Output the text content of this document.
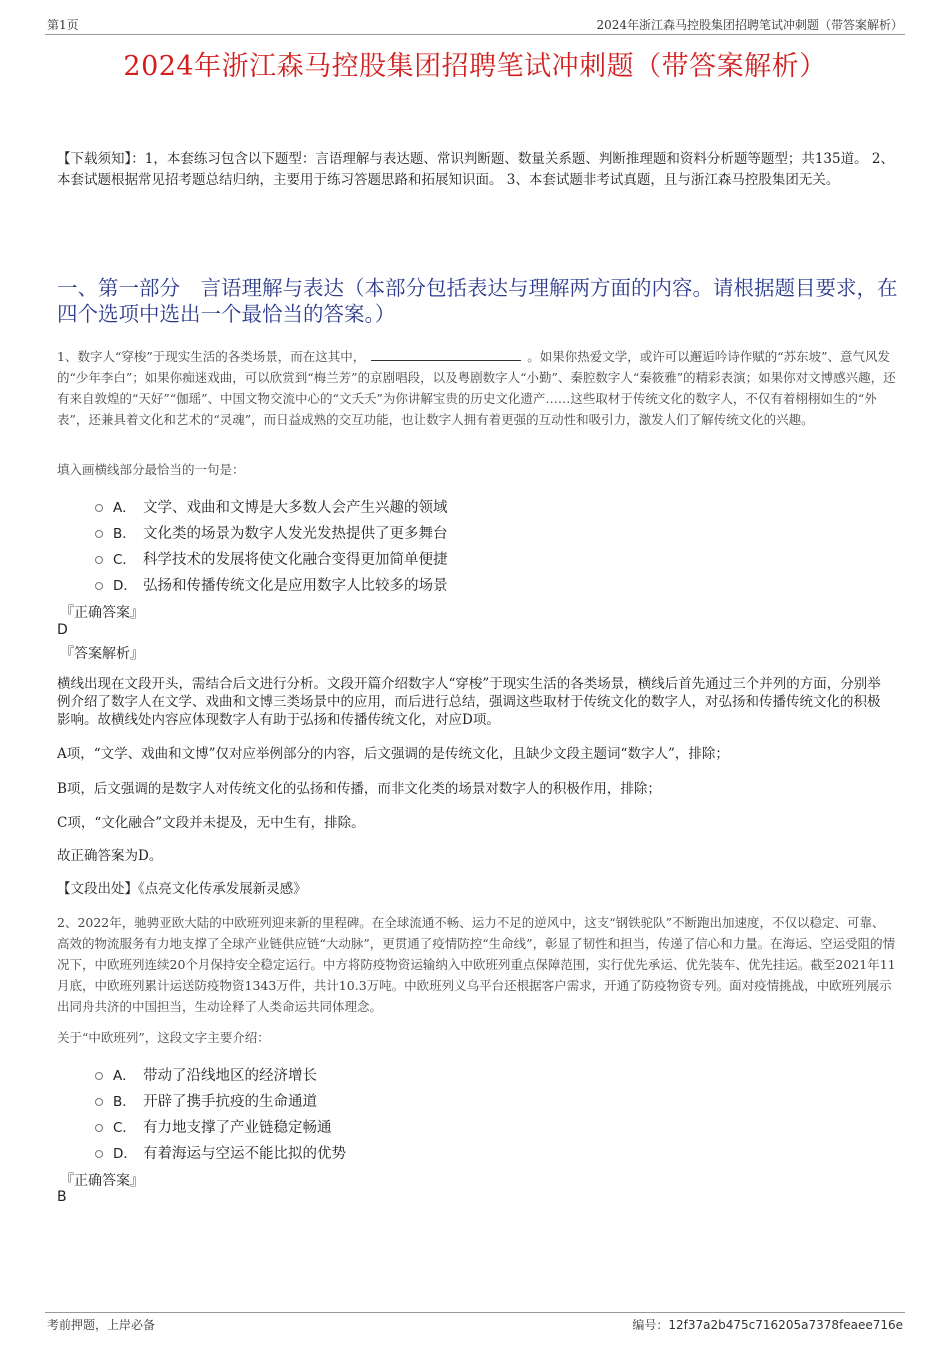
第1页	2024年浙江森马控股集团招聘笔试冲刺题（带答案解析）
2024年浙江森马控股集团招聘笔试冲刺题（带答案解析）
【下载须知】：1，本套练习包含以下题型：言语理解与表达题、常识判断题、数量关系题、判断推理题和资料分析题等题型；共135道。 2、本套试题根据常见招考题总结归纳，主要用于练习答题思路和拓展知识面。 3、本套试题非考试真题，且与浙江森马控股集团无关。
一、第一部分　言语理解与表达（本部分包括表达与理解两方面的内容。请根据题目要求，在四个选项中选出一个最恰当的答案。）
1、数字人“穿梭”于现实生活的各类场景，而在这其中，	。如果你热爱文学，或许可以邂逅吟诗作赋的“苏东坡”、意气风发的“少年李白”；如果你痴迷戏曲，可以欣赏到“梅兰芳”的京剧唱段，以及粤剧数字人“小勤”、秦腔数字人“秦筱雅”的精彩表演；如果你对文博感兴趣，还有来自敦煌的“天好”“伽瑶”、中国文物交流中心的“文夭夭”为你讲解宝贵的历史文化遗产……这些取材于传统文化的数字人，不仅有着栩栩如生的“外表”，还兼具着文化和艺术的“灵魂”，而日益成熟的交互功能，也让数字人拥有着更强的互动性和吸引力，激发人们了解传统文化的兴趣。
填入画横线部分最恰当的一句是：
A． 文学、戏曲和文博是大多数人会产生兴趣的领域
B． 文化类的场景为数字人发光发热提供了更多舞台
C． 科学技术的发展将使文化融合变得更加简单便捷
D． 弘扬和传播传统文化是应用数字人比较多的场景
『正确答案』
D
『答案解析』
横线出现在文段开头，需结合后文进行分析。文段开篇介绍数字人“穿梭”于现实生活的各类场景，横线后首先通过三个并列的方面，分别举例介绍了数字人在文学、戏曲和文博三类场景中的应用，而后进行总结，强调这些取材于传统文化的数字人，对弘扬和传播传统文化的积极影响。故横线处内容应体现数字人有助于弘扬和传播传统文化，对应D项。
A项，“文学、戏曲和文博”仅对应举例部分的内容，后文强调的是传统文化，且缺少文段主题词“数字人”，排除；
B项，后文强调的是数字人对传统文化的弘扬和传播，而非文化类的场景对数字人的积极作用，排除；
C项，“文化融合”文段并未提及，无中生有，排除。
故正确答案为D。
【文段出处】《点亮文化传承发展新灵感》
2、2022年，驰骋亚欧大陆的中欧班列迎来新的里程碑。在全球流通不畅、运力不足的逆风中，这支“钢铁驼队”不断跑出加速度，不仅以稳定、可靠、高效的物流服务有力地支撑了全球产业链供应链“大动脉”，更贯通了疫情防控“生命线”，彰显了韧性和担当，传递了信心和力量。在海运、空运受阻的情况下，中欧班列连续20个月保持安全稳定运行。中方将防疫物资运输纳入中欧班列重点保障范围，实行优先承运、优先装车、优先挂运。截至2021年11月底，中欧班列累计运送防疫物资1343万件，共计10.3万吨。中欧班列义乌平台还根据客户需求，开通了防疫物资专列。面对疫情挑战，中欧班列展示出同舟共济的中国担当，生动诠释了人类命运共同体理念。
关于“中欧班列”，这段文字主要介绍：
A． 带动了沿线地区的经济增长
B． 开辟了携手抗疫的生命通道
C． 有力地支撑了产业链稳定畅通
D． 有着海运与空运不能比拟的优势
『正确答案』
B
考前押题，上岸必备	编号：12f37a2b475c716205a7378feaee716e
